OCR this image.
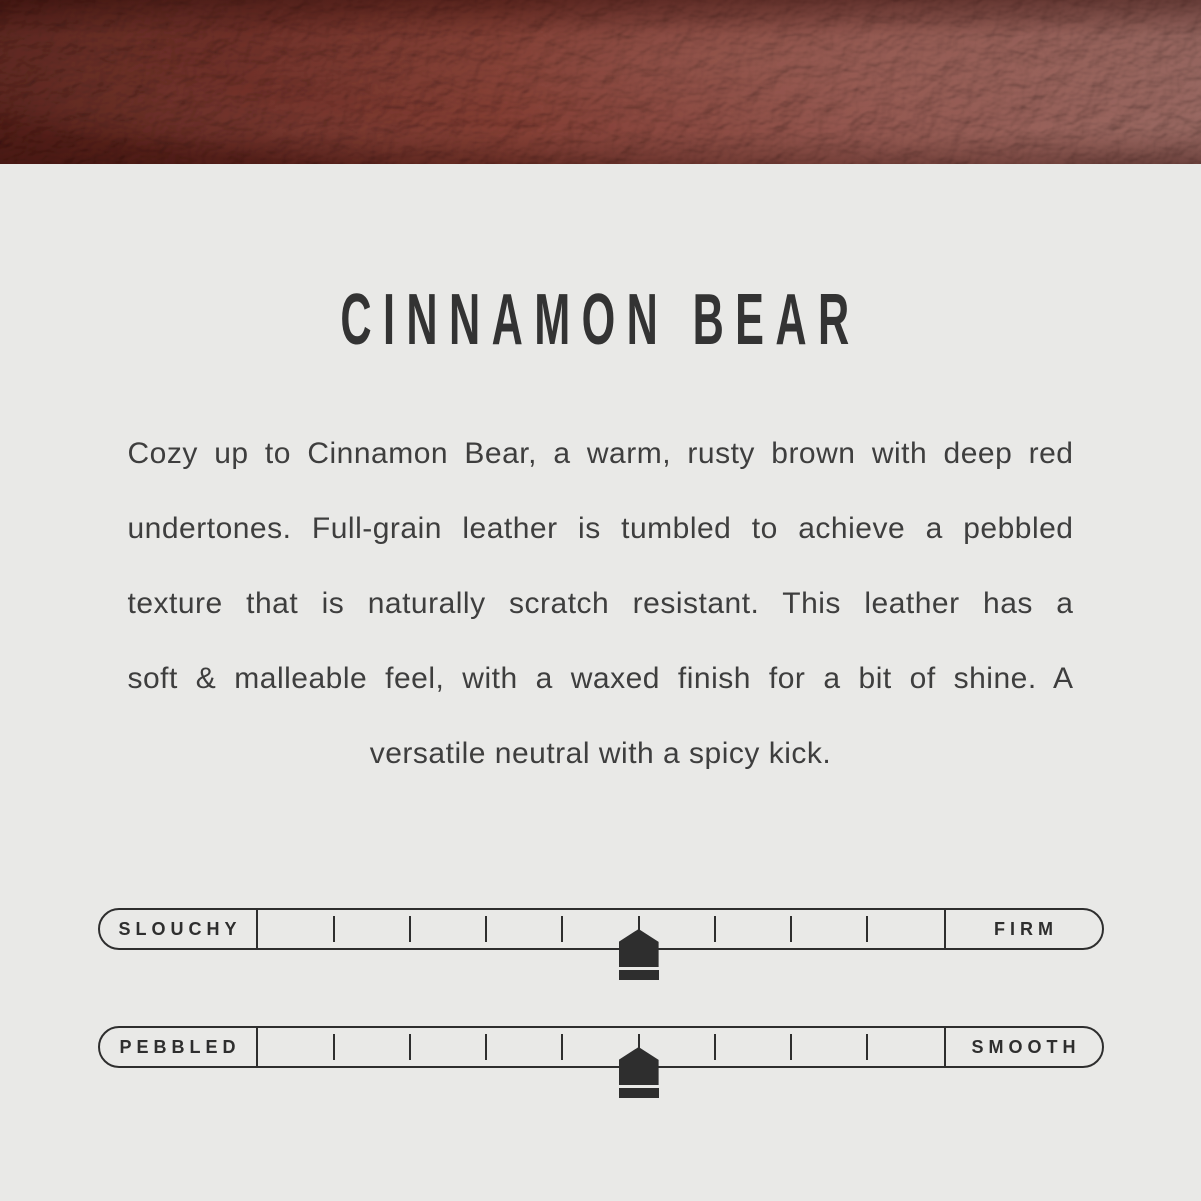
CINNAMON BEAR
Cozy up to Cinnamon Bear, a warm, rusty brown with deep red
undertones. Full-grain leather is tumbled to achieve a pebbled
texture that is naturally scratch resistant. This leather has a
soft & malleable feel, with a waxed finish for a bit of shine. A
versatile neutral with a spicy kick.
SLOUCHY	FIRM
PEBBLED	SMOOTH
